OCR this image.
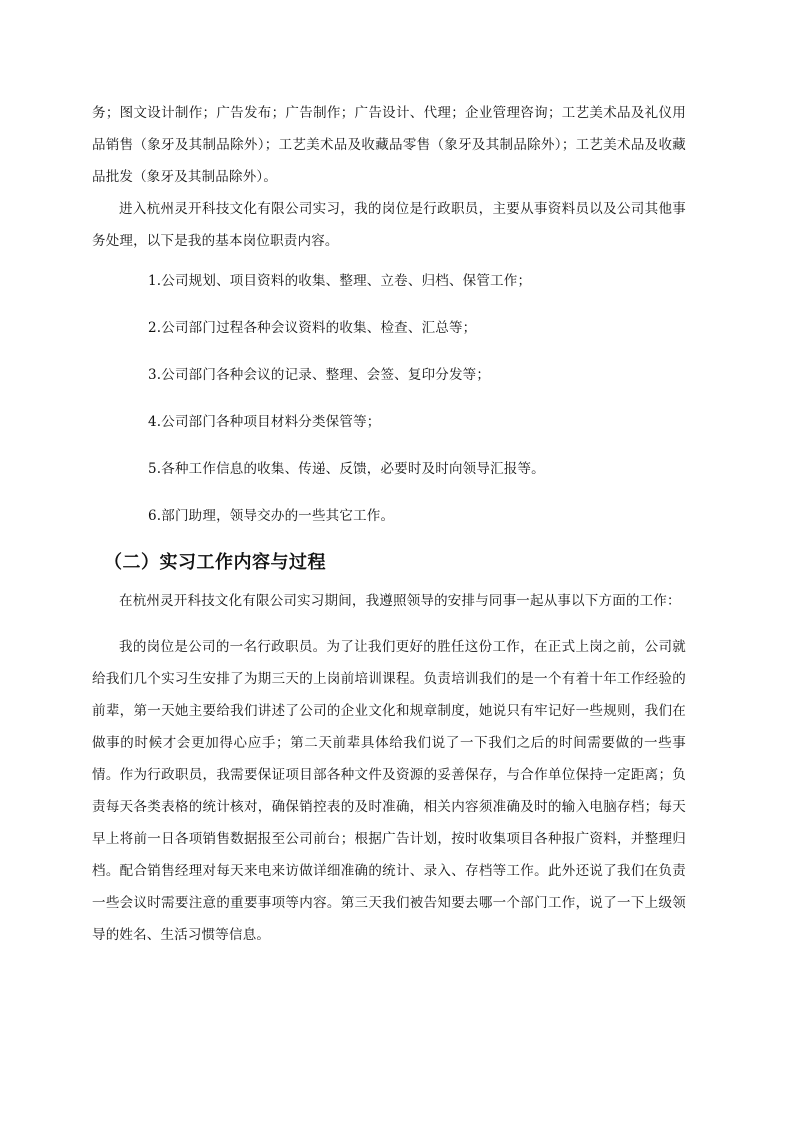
务；图文设计制作；广告发布；广告制作；广告设计、代理；企业管理咨询；工艺美术品及礼仪用品销售（象牙及其制品除外）；工艺美术品及收藏品零售（象牙及其制品除外）；工艺美术品及收藏品批发（象牙及其制品除外）。

进入杭州灵开科技文化有限公司实习，我的岗位是行政职员，主要从事资料员以及公司其他事务处理，以下是我的基本岗位职责内容。

1.公司规划、项目资料的收集、整理、立卷、归档、保管工作；

2.公司部门过程各种会议资料的收集、检查、汇总等；

3.公司部门各种会议的记录、整理、会签、复印分发等；

4.公司部门各种项目材料分类保管等；

5.各种工作信息的收集、传递、反馈，必要时及时向领导汇报等。

6.部门助理，领导交办的一些其它工作。

（二）实习工作内容与过程

在杭州灵开科技文化有限公司实习期间，我遵照领导的安排与同事一起从事以下方面的工作：

我的岗位是公司的一名行政职员。为了让我们更好的胜任这份工作，在正式上岗之前，公司就给我们几个实习生安排了为期三天的上岗前培训课程。负责培训我们的是一个有着十年工作经验的前辈，第一天她主要给我们讲述了公司的企业文化和规章制度，她说只有牢记好一些规则，我们在做事的时候才会更加得心应手；第二天前辈具体给我们说了一下我们之后的时间需要做的一些事情。作为行政职员，我需要保证项目部各种文件及资源的妥善保存，与合作单位保持一定距离；负责每天各类表格的统计核对，确保销控表的及时准确，相关内容须准确及时的输入电脑存档；每天早上将前一日各项销售数据报至公司前台；根据广告计划，按时收集项目各种报广资料，并整理归档。配合销售经理对每天来电来访做详细准确的统计、录入、存档等工作。此外还说了我们在负责一些会议时需要注意的重要事项等内容。第三天我们被告知要去哪一个部门工作，说了一下上级领导的姓名、生活习惯等信息。
